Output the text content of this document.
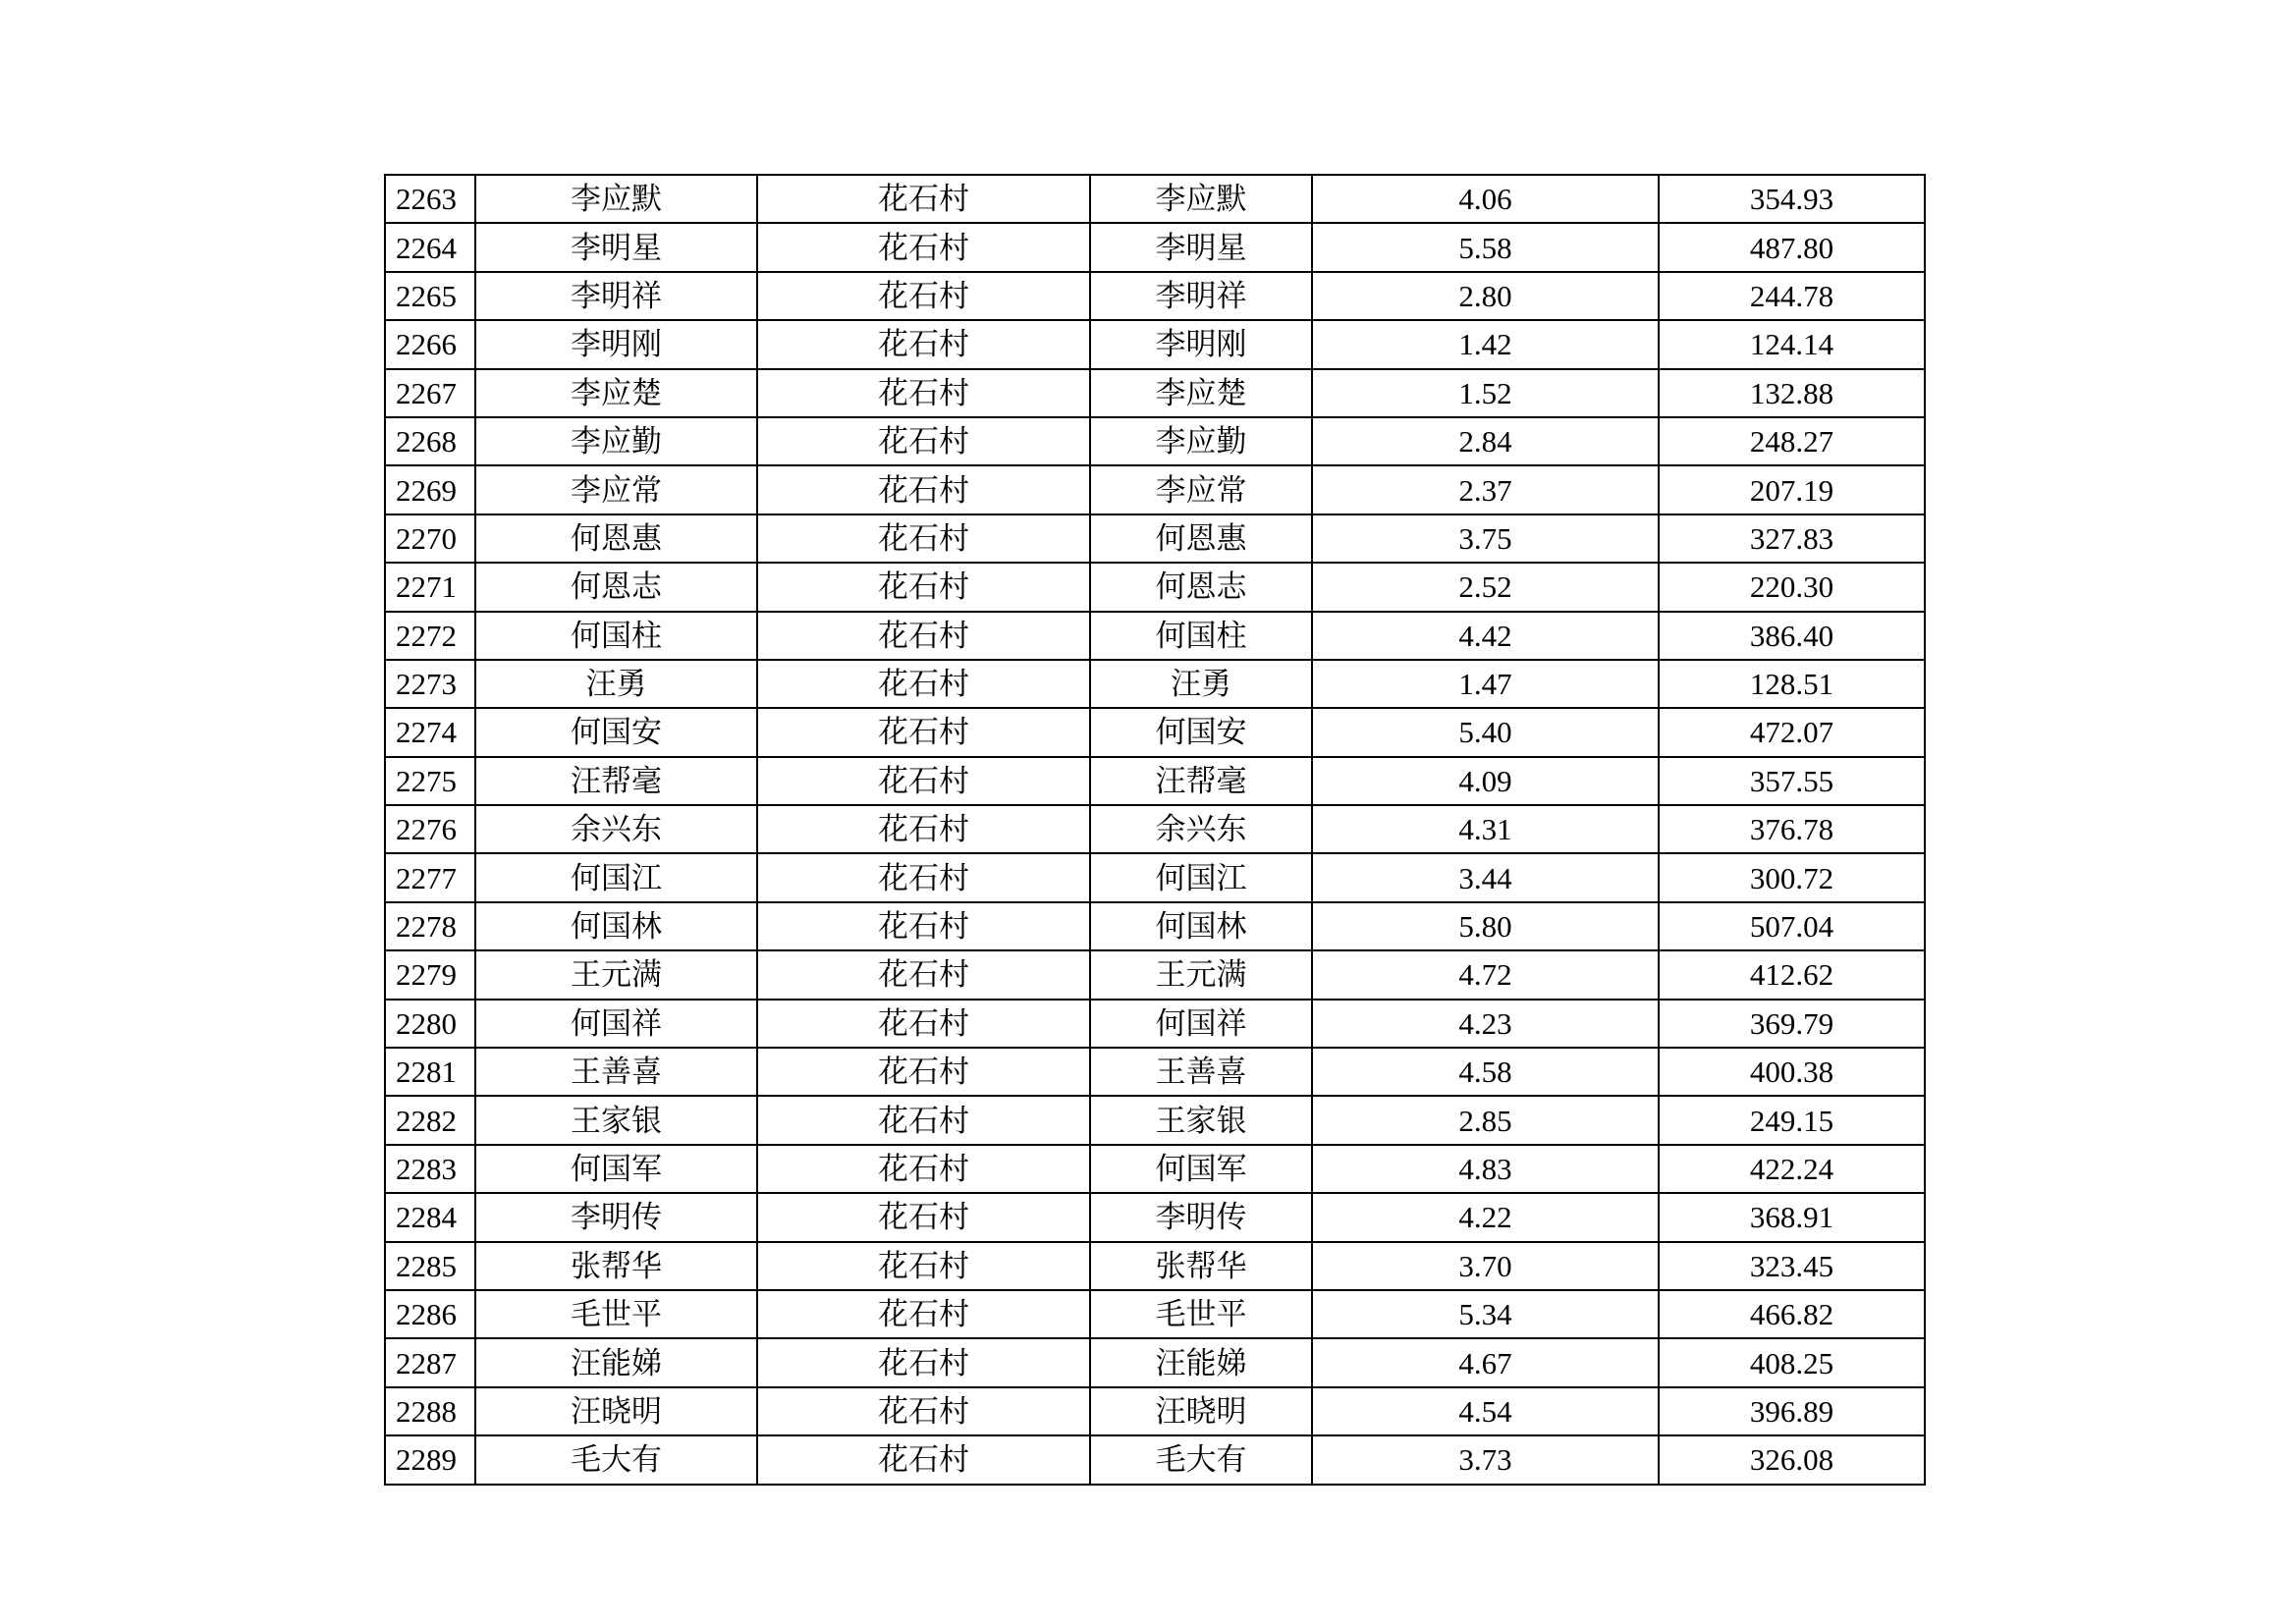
2263	李应默	花石村	李应默	4.06	354.93
2264	李明星	花石村	李明星	5.58	487.80
2265	李明祥	花石村	李明祥	2.80	244.78
2266	李明刚	花石村	李明刚	1.42	124.14
2267	李应楚	花石村	李应楚	1.52	132.88
2268	李应勤	花石村	李应勤	2.84	248.27
2269	李应常	花石村	李应常	2.37	207.19
2270	何恩惠	花石村	何恩惠	3.75	327.83
2271	何恩志	花石村	何恩志	2.52	220.30
2272	何国柱	花石村	何国柱	4.42	386.40
2273	汪勇	花石村	汪勇	1.47	128.51
2274	何国安	花石村	何国安	5.40	472.07
2275	汪帮毫	花石村	汪帮毫	4.09	357.55
2276	余兴东	花石村	余兴东	4.31	376.78
2277	何国江	花石村	何国江	3.44	300.72
2278	何国林	花石村	何国林	5.80	507.04
2279	王元满	花石村	王元满	4.72	412.62
2280	何国祥	花石村	何国祥	4.23	369.79
2281	王善喜	花石村	王善喜	4.58	400.38
2282	王家银	花石村	王家银	2.85	249.15
2283	何国军	花石村	何国军	4.83	422.24
2284	李明传	花石村	李明传	4.22	368.91
2285	张帮华	花石村	张帮华	3.70	323.45
2286	毛世平	花石村	毛世平	5.34	466.82
2287	汪能娣	花石村	汪能娣	4.67	408.25
2288	汪晓明	花石村	汪晓明	4.54	396.89
2289	毛大有	花石村	毛大有	3.73	326.08
